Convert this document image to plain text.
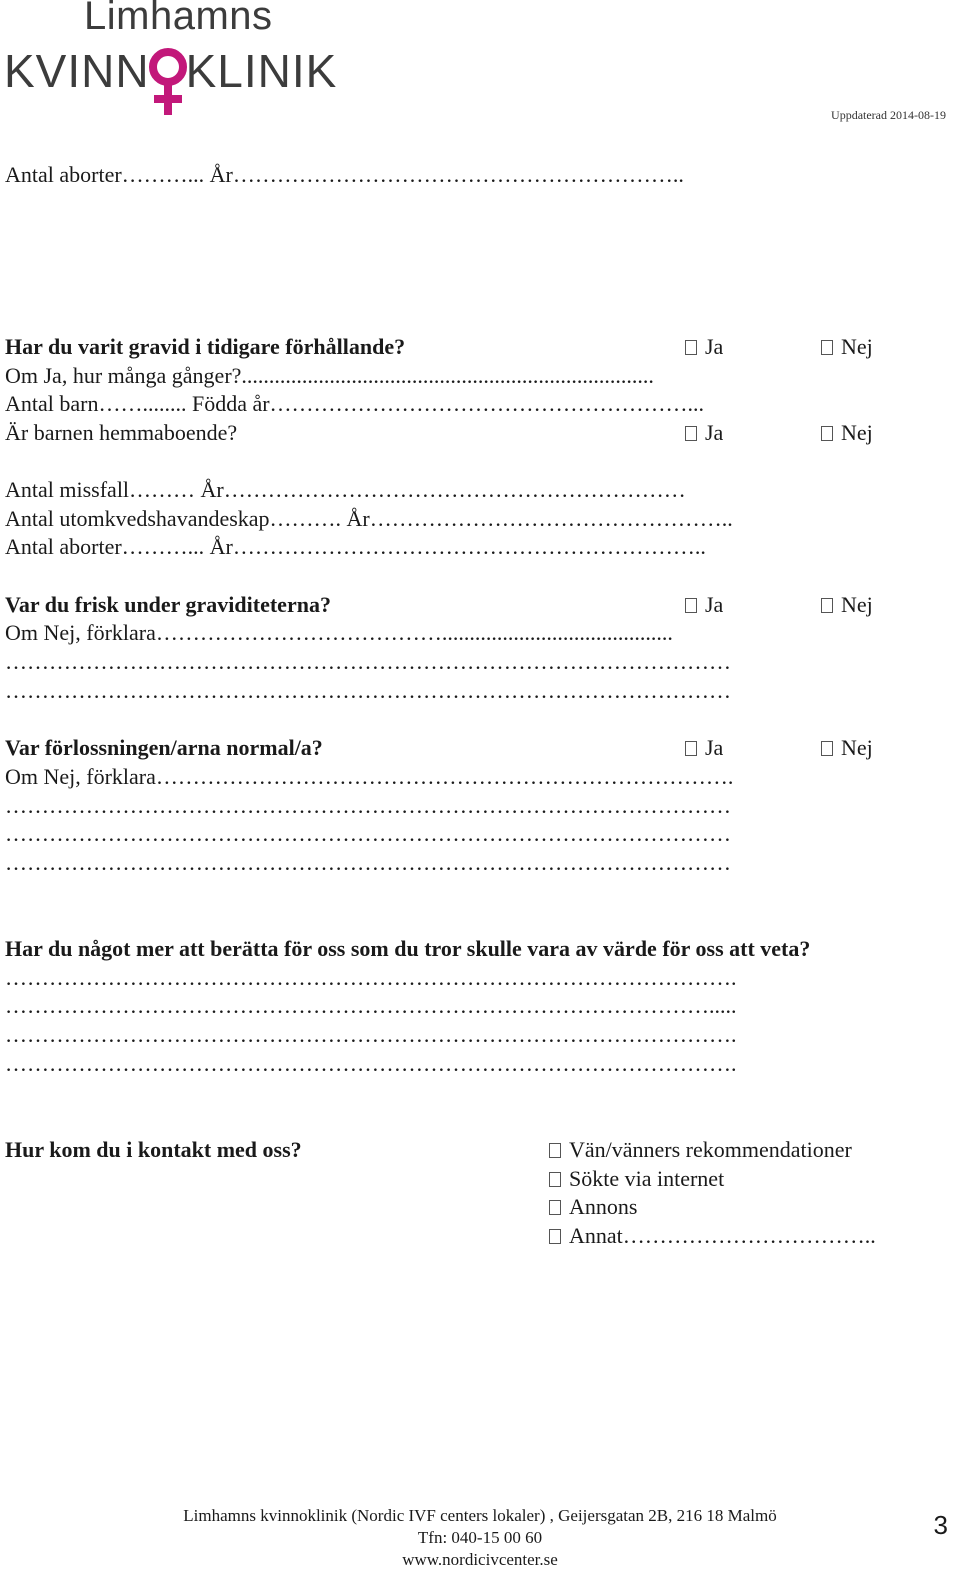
Limhamns
KVINN KLINIK
Uppdaterad 2014-08-19
Antal aborter………... År……………………………………………………..
Har du varit gravid i tidigare förhållande?	Ja	Nej
Om Ja, hur många gånger?...........................................................................
Antal barn……........ Födda år…………………………………………………...
Är barnen hemmaboende?	Ja	Nej
Antal missfall……… År………………………………………………………
Antal utomkvedshavandeskap………. År…………………………………………..
Antal aborter………... År………………………………………………………..
Var du frisk under graviditeterna?	Ja	Nej
Om Nej, förklara…………………………………..........................................
………………………………………………………………………………………
………………………………………………………………………………………
Var förlossningen/arna normal/a?	Ja	Nej
Om Nej, förklara…………………………………………………………………….
………………………………………………………………………………………
………………………………………………………………………………………
………………………………………………………………………………………
Har du något mer att berätta för oss som du tror skulle vara av värde för oss att veta?
……………………………………………………………………………………….
…………………………………………………………………………………….....
……………………………………………………………………………………….
……………………………………………………………………………………….
Hur kom du i kontakt med oss?	Vän/vänners rekommendationer
Sökte via internet
Annons
Annat……………………………..
Limhamns kvinnoklinik (Nordic IVF centers lokaler) , Geijersgatan 2B, 216 18 Malmö
Tfn: 040-15 00 60
www.nordicivcenter.se
3
